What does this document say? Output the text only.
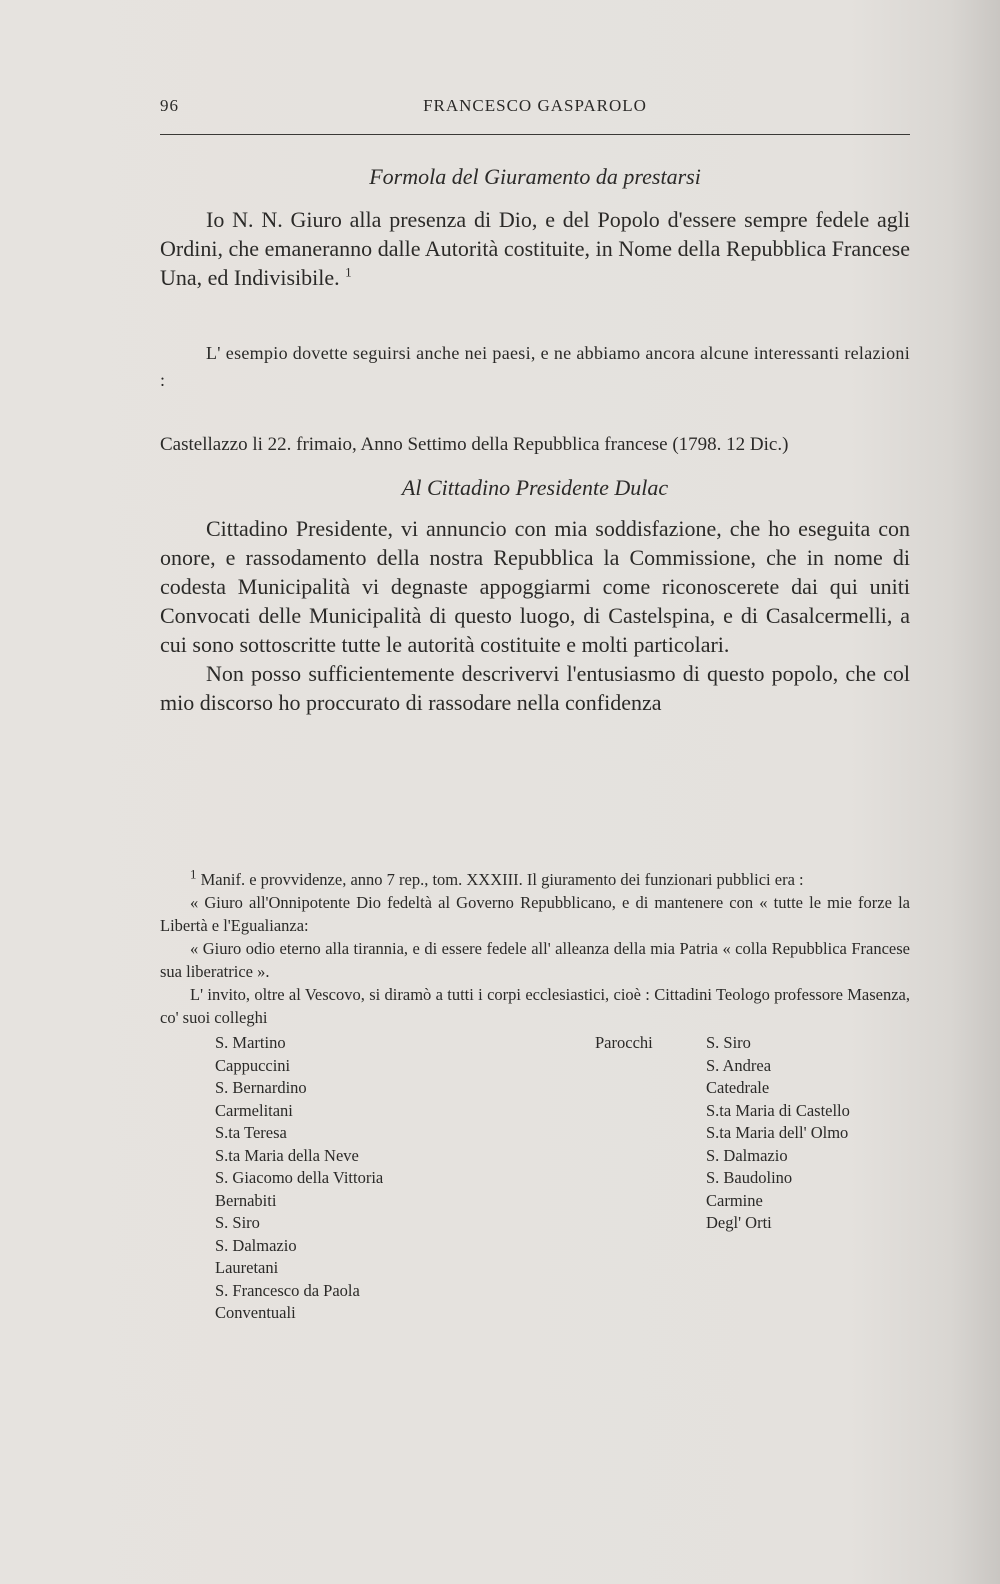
96	FRANCESCO GASPAROLO

Formola del Giuramento da prestarsi

Io N. N. Giuro alla presenza di Dio, e del Popolo d'essere sempre fedele agli Ordini, che emaneranno dalle Autorità costituite, in Nome della Repubblica Francese Una, ed Indivisibile. $^1$

L' esempio dovette seguirsi anche nei paesi, e ne abbiamo ancora alcune interessanti relazioni :

Castellazzo li 22. frimaio, Anno Settimo della Repubblica francese (1798. 12 Dic.)

Al Cittadino Presidente Dulac

Cittadino Presidente, vi annuncio con mia soddisfazione, che ho eseguita con onore, e rassodamento della nostra Repubblica la Commissione, che in nome di codesta Municipalità vi degnaste appoggiarmi come riconoscerete dai qui uniti Convocati delle Municipalità di questo luogo, di Castelspina, e di Casalcermelli, a cui sono sottoscritte tutte le autorità costituite e molti particolari.

Non posso sufficientemente descrivervi l'entusiasmo di questo popolo, che col mio discorso ho proccurato di rassodare nella confidenza

$^1$ Manif. e provvidenze, anno 7 rep., tom. XXXIII. Il giuramento dei funzionari pubblici era :

« Giuro all'Onnipotente Dio fedeltà al Governo Repubblicano, e di mantenere con « tutte le mie forze la Libertà e l'Egualianza:

« Giuro odio eterno alla tirannia, e di essere fedele all' alleanza della mia Patria « colla Repubblica Francese sua liberatrice ».

L' invito, oltre al Vescovo, si diramò a tutti i corpi ecclesiastici, cioè : Cittadini Teologo professore Masenza, co' suoi colleghi

S. Martino
Cappuccini
S. Bernardino
Carmelitani
S.ta Teresa
S.ta Maria della Neve
S. Giacomo della Vittoria
Bernabiti
S. Siro
S. Dalmazio
Lauretani
S. Francesco da Paola
Conventuali
Parocchi	S. Siro
S. Andrea
Catedrale
S.ta Maria di Castello
S.ta Maria dell' Olmo
S. Dalmazio
S. Baudolino
Carmine
Degl' Orti
